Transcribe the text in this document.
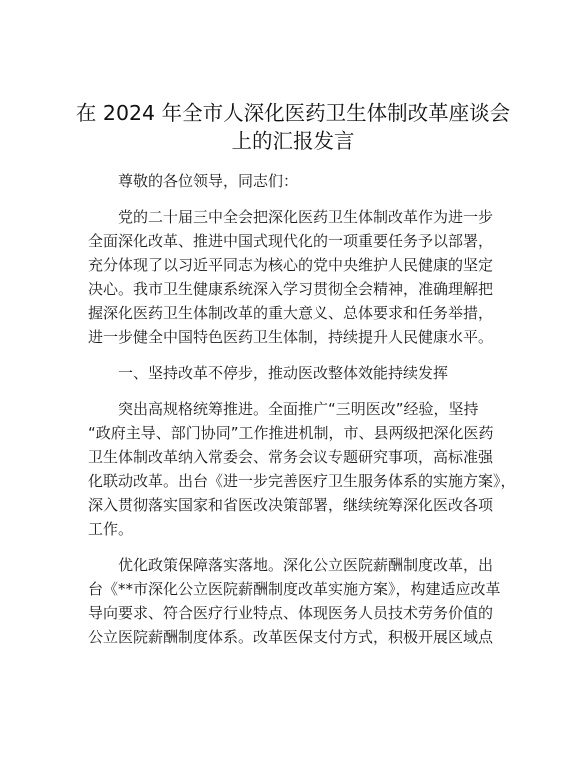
在 2024 年全市人深化医药卫生体制改革座谈会
上的汇报发言
尊敬的各位领导，同志们：
党的二十届三中全会把深化医药卫生体制改革作为进一步
全面深化改革、推进中国式现代化的一项重要任务予以部署，
充分体现了以习近平同志为核心的党中央维护人民健康的坚定
决心。我市卫生健康系统深入学习贯彻全会精神，准确理解把
握深化医药卫生体制改革的重大意义、总体要求和任务举措，
进一步健全中国特色医药卫生体制，持续提升人民健康水平。
一、坚持改革不停步，推动医改整体效能持续发挥
突出高规格统筹推进。全面推广“三明医改”经验，坚持
“政府主导、部门协同”工作推进机制，市、县两级把深化医药
卫生体制改革纳入常委会、常务会议专题研究事项，高标准强
化联动改革。出台《进一步完善医疗卫生服务体系的实施方案》，
深入贯彻落实国家和省医改决策部署，继续统筹深化医改各项
工作。
优化政策保障落实落地。深化公立医院薪酬制度改革，出
台《**市深化公立医院薪酬制度改革实施方案》，构建适应改革
导向要求、符合医疗行业特点、体现医务人员技术劳务价值的
公立医院薪酬制度体系。改革医保支付方式，积极开展区域点
